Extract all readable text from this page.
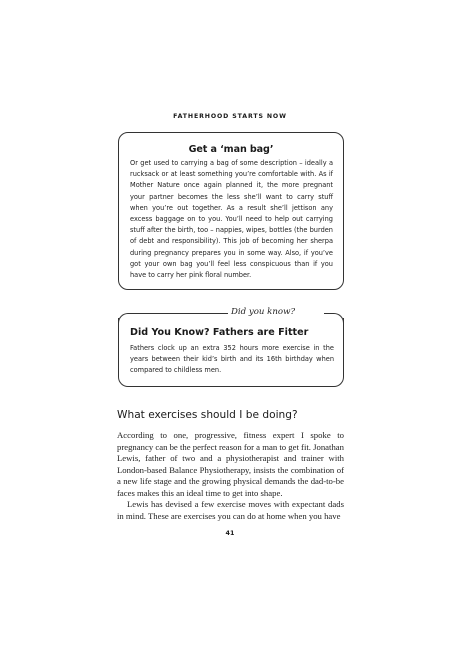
FATHERHOOD STARTS NOW
Get a ‘man bag’
Or get used to carrying a bag of some description – ideally a rucksack or at least something you’re comfortable with. As if Mother Nature once again planned it, the more pregnant your partner becomes the less she’ll want to carry stuff when you’re out together. As a result she’ll jettison any excess baggage on to you. You’ll need to help out carrying stuff after the birth, too – nappies, wipes, bottles (the burden of debt and responsibility). This job of becoming her sherpa during pregnancy prepares you in some way. Also, if you’ve got your own bag you’ll feel less conspicuous than if you have to carry her pink floral number.
Did you know?
Did You Know? Fathers are Fitter
Fathers clock up an extra 352 hours more exercise in the years between their kid’s birth and its 16th birthday when compared to childless men.
What exercises should I be doing?

According to one, progressive, fitness expert I spoke to pregnancy can be the perfect reason for a man to get fit. Jonathan Lewis, father of two and a physiotherapist and trainer with London-based Balance Physiotherapy, insists the combination of a new life stage and the growing physical demands the dad-to-be faces makes this an ideal time to get into shape.

Lewis has devised a few exercise moves with expectant dads in mind. These are exercises you can do at home when you have

41
